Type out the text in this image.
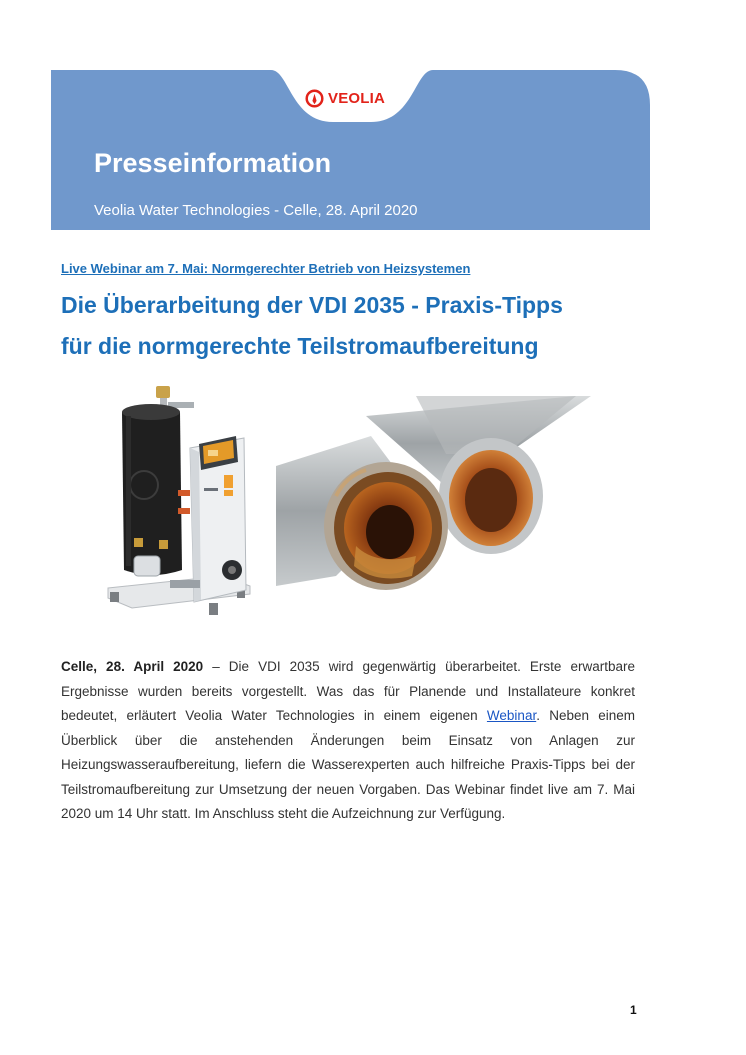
VEOLIA
Presseinformation

Veolia Water Technologies - Celle, 28. April 2020

Live Webinar am 7. Mai: Normgerechter Betrieb von Heizsystemen

Die Überarbeitung der VDI 2035 - Praxis-Tipps
für die normgerechte Teilstromaufbereitung

Celle, 28. April 2020 – Die VDI 2035 wird gegenwärtig überarbeitet. Erste erwartbare Ergebnisse wurden bereits vorgestellt. Was das für Planende und Installateure konkret bedeutet, erläutert Veolia Water Technologies in einem eigenen Webinar. Neben einem Überblick über die anstehenden Änderungen beim Einsatz von Anlagen zur Heizungswasseraufbereitung, liefern die Wasserexperten auch hilfreiche Praxis-Tipps bei der Teilstromaufbereitung zur Umsetzung der neuen Vorgaben. Das Webinar findet live am 7. Mai 2020 um 14 Uhr statt. Im Anschluss steht die Aufzeichnung zur Verfügung.

1
